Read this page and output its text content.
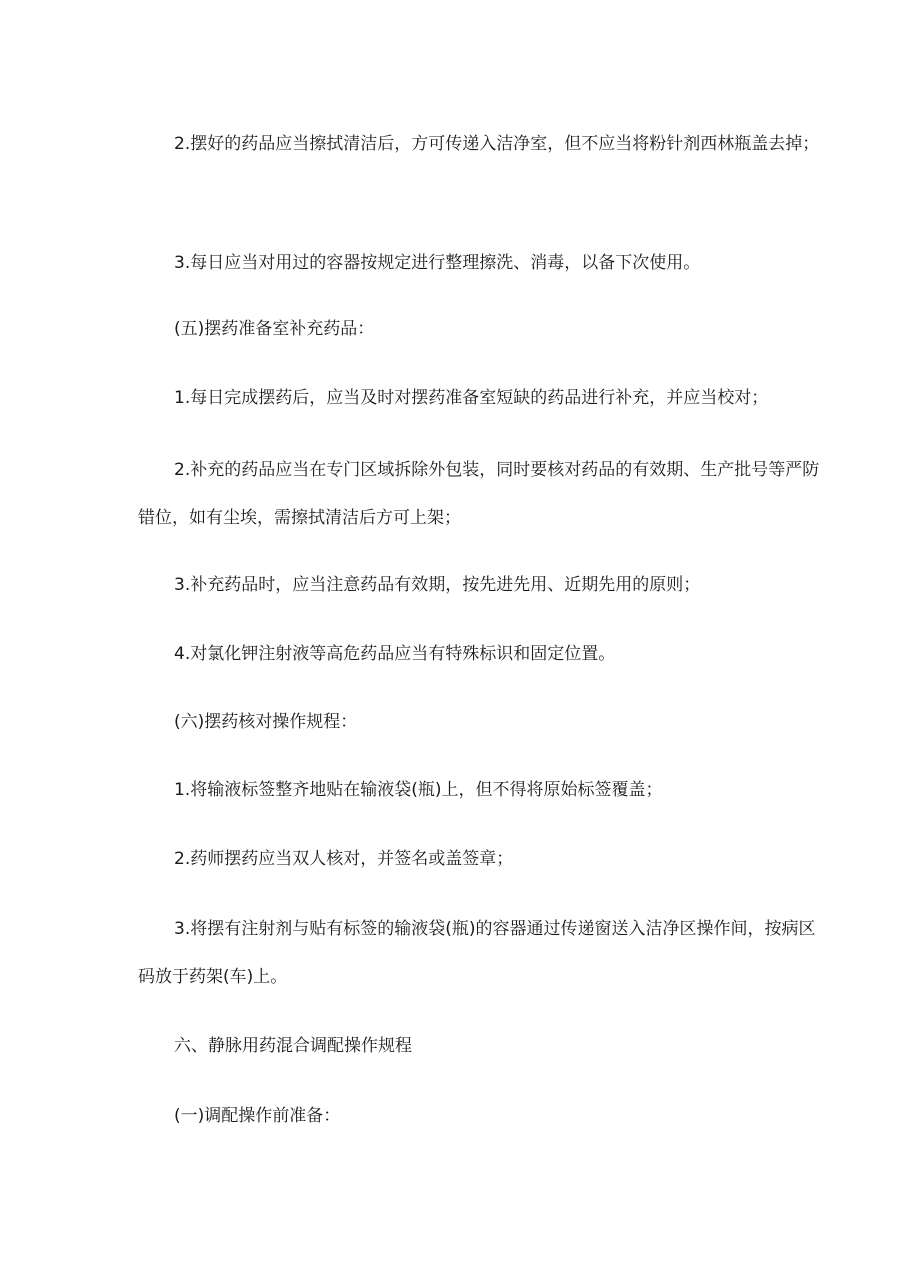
2.摆好的药品应当擦拭清洁后，方可传递入洁净室，但不应当将粉针剂西林瓶盖去掉；

3.每日应当对用过的容器按规定进行整理擦洗、消毒，以备下次使用。

(五)摆药准备室补充药品：

1.每日完成摆药后，应当及时对摆药准备室短缺的药品进行补充，并应当校对；

2.补充的药品应当在专门区域拆除外包装，同时要核对药品的有效期、生产批号等严防错位，如有尘埃，需擦拭清洁后方可上架；

3.补充药品时，应当注意药品有效期，按先进先用、近期先用的原则；

4.对氯化钾注射液等高危药品应当有特殊标识和固定位置。

(六)摆药核对操作规程：

1.将输液标签整齐地贴在输液袋(瓶)上，但不得将原始标签覆盖；

2.药师摆药应当双人核对，并签名或盖签章；

3.将摆有注射剂与贴有标签的输液袋(瓶)的容器通过传递窗送入洁净区操作间，按病区码放于药架(车)上。

六、静脉用药混合调配操作规程

(一)调配操作前准备：
